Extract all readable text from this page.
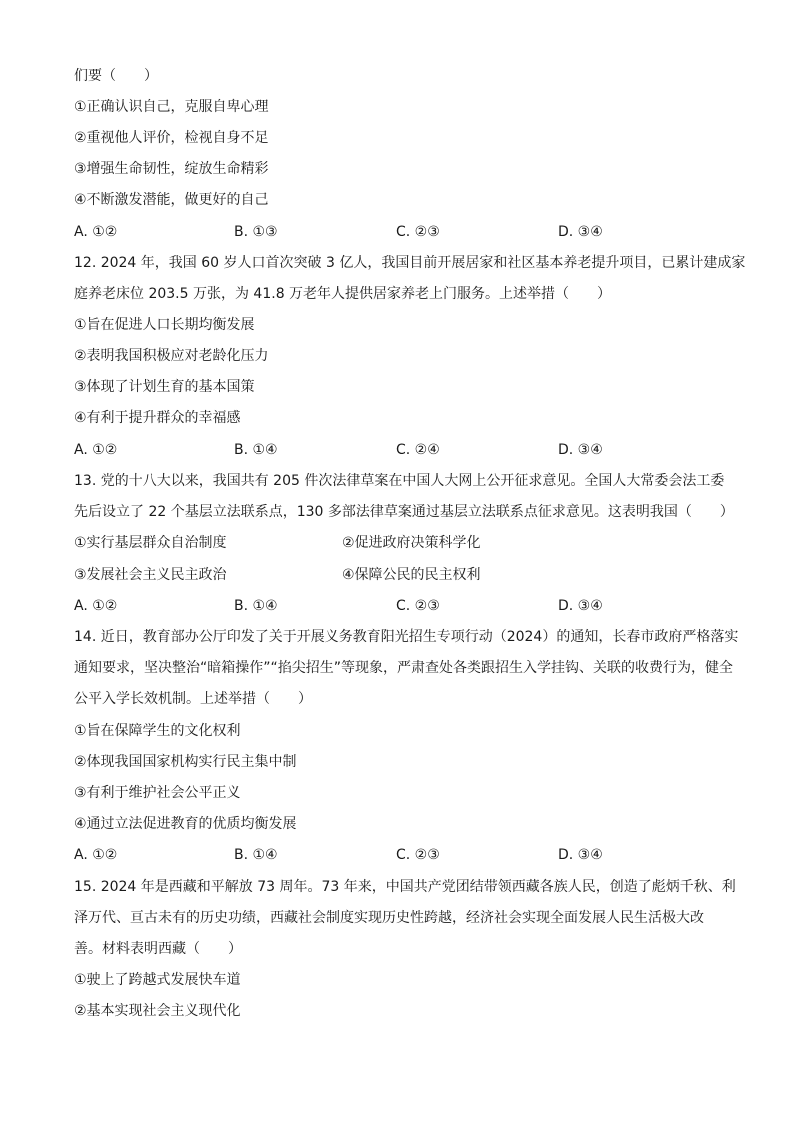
们要（　　）
①正确认识自己，克服自卑心理
②重视他人评价，检视自身不足
③增强生命韧性，绽放生命精彩
④不断激发潜能，做更好的自己
A. ①②	B. ①③	C. ②③	D. ③④
12. 2024 年，我国 60 岁人口首次突破 3 亿人，我国目前开展居家和社区基本养老提升项目，已累计建成家
庭养老床位 203.5 万张，为 41.8 万老年人提供居家养老上门服务。上述举措（　　）
①旨在促进人口长期均衡发展
②表明我国积极应对老龄化压力
③体现了计划生育的基本国策
④有利于提升群众的幸福感
A. ①②	B. ①④	C. ②④	D. ③④
13. 党的十八大以来，我国共有 205 件次法律草案在中国人大网上公开征求意见。全国人大常委会法工委
先后设立了 22 个基层立法联系点，130 多部法律草案通过基层立法联系点征求意见。这表明我国（　　）
①实行基层群众自治制度	②促进政府决策科学化
③发展社会主义民主政治	④保障公民的民主权利
A. ①②	B. ①④	C. ②③	D. ③④
14. 近日，教育部办公厅印发了关于开展义务教育阳光招生专项行动（2024）的通知，长春市政府严格落实
通知要求，坚决整治“暗箱操作”“掐尖招生”等现象，严肃查处各类跟招生入学挂钩、关联的收费行为，健全
公平入学长效机制。上述举措（　　）
①旨在保障学生的文化权利
②体现我国国家机构实行民主集中制
③有利于维护社会公平正义
④通过立法促进教育的优质均衡发展
A. ①②	B. ①④	C. ②③	D. ③④
15. 2024 年是西藏和平解放 73 周年。73 年来，中国共产党团结带领西藏各族人民，创造了彪炳千秋、利
泽万代、亘古未有的历史功绩，西藏社会制度实现历史性跨越，经济社会实现全面发展人民生活极大改
善。材料表明西藏（　　）
①驶上了跨越式发展快车道
②基本实现社会主义现代化
